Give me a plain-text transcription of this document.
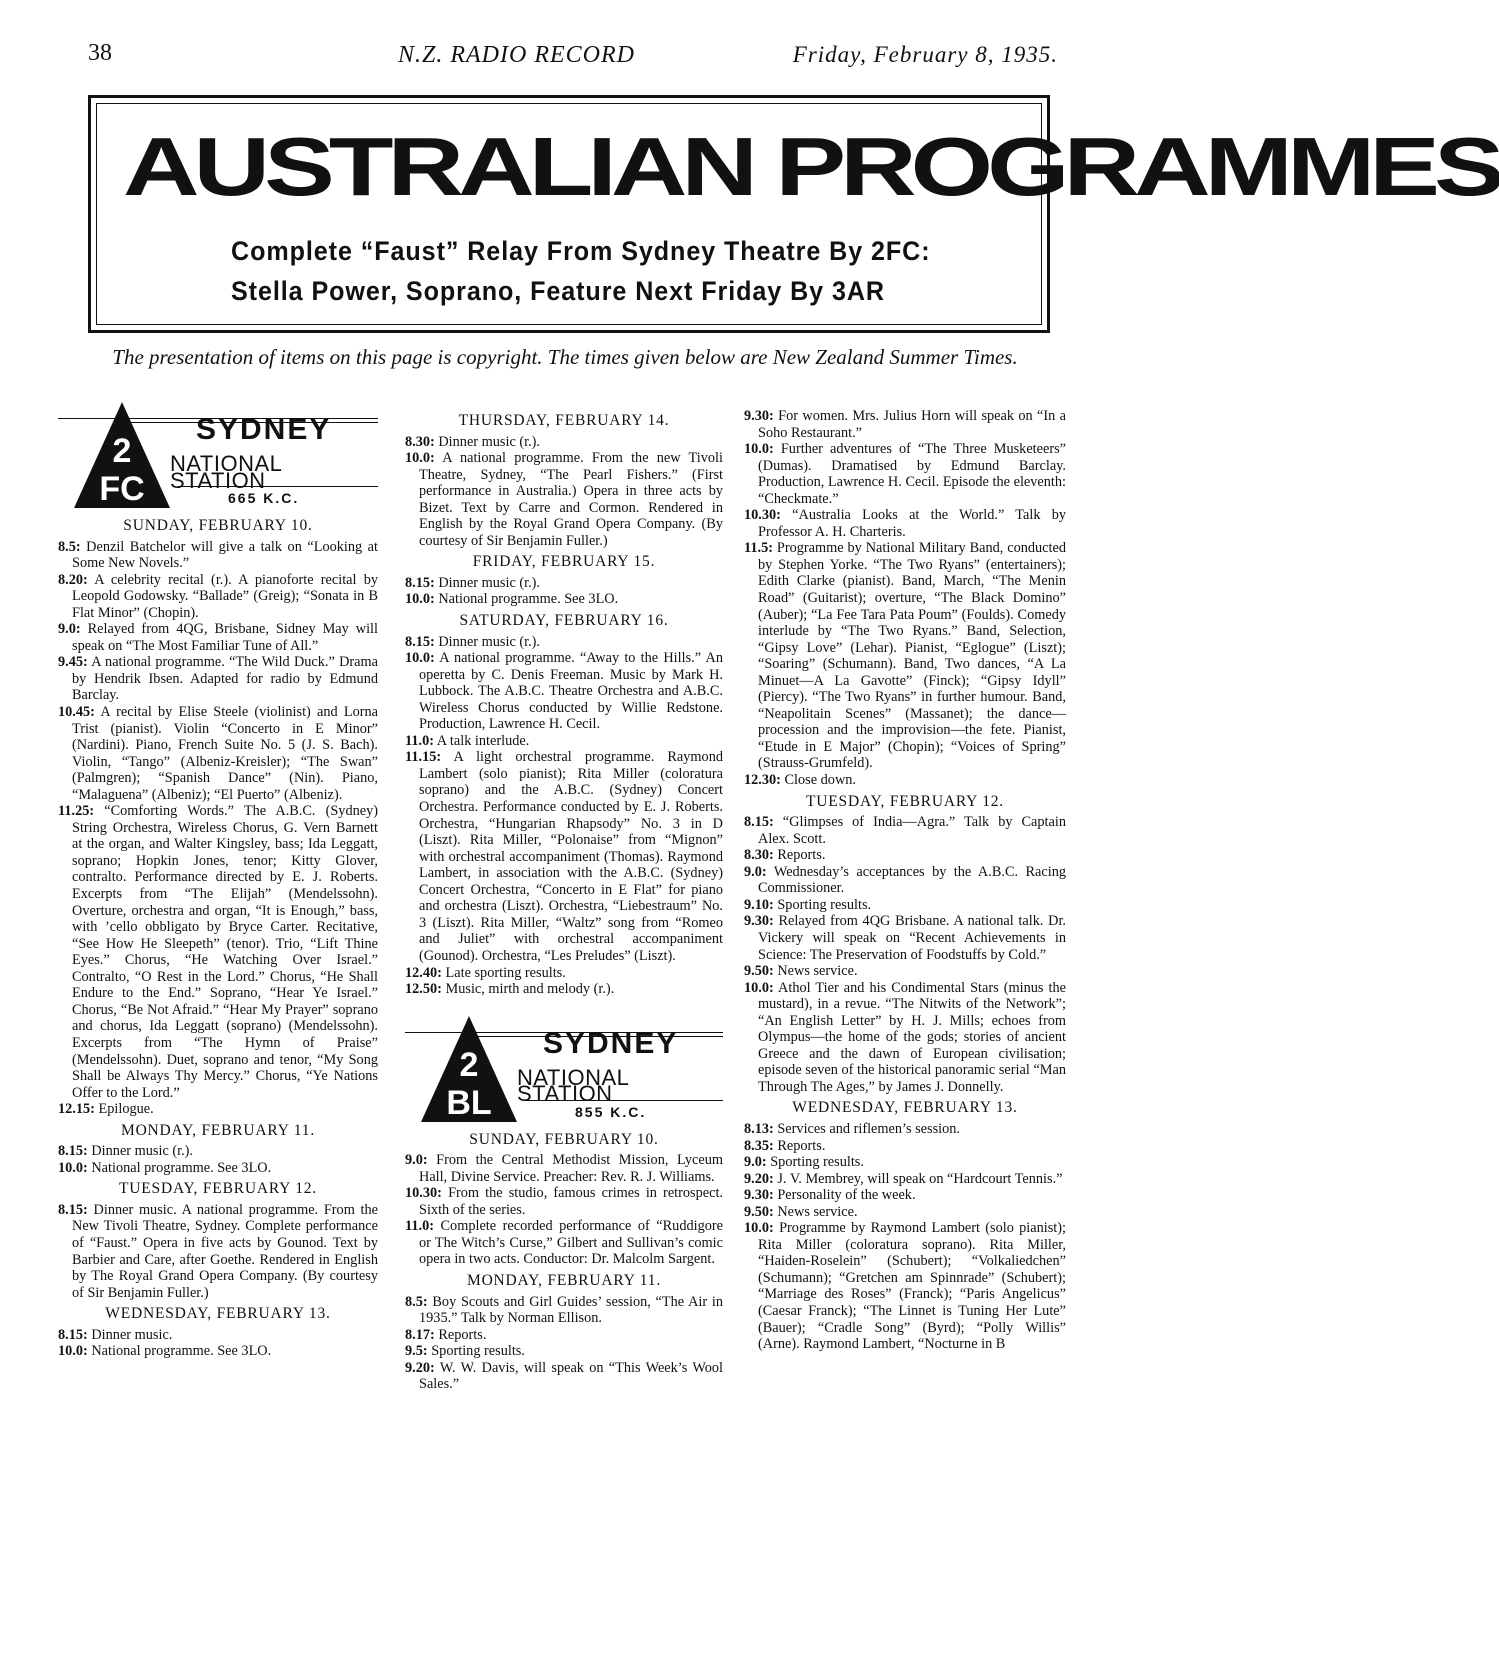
38	N.Z. RADIO RECORD	Friday, February 8, 1935.
AUSTRALIAN PROGRAMMES
Complete “Faust” Relay From Sydney Theatre By 2FC:
Stella Power, Soprano, Feature Next Friday By 3AR
The presentation of items on this page is copyright. The times given below are New Zealand Summer Times.
2
FC
SYDNEY
NATIONAL STATION
665 K.C.
SUNDAY, FEBRUARY 10.

8.5: Denzil Batchelor will give a talk on “Looking at Some New Novels.”

8.20: A celebrity recital (r.). A pianoforte recital by Leopold Godowsky. “Ballade” (Greig); “Sonata in B Flat Minor” (Chopin).

9.0: Relayed from 4QG, Brisbane, Sidney May will speak on “The Most Familiar Tune of All.”

9.45: A national programme. “The Wild Duck.” Drama by Hendrik Ibsen. Adapted for radio by Edmund Barclay.

10.45: A recital by Elise Steele (violinist) and Lorna Trist (pianist). Violin “Concerto in E Minor” (Nardini). Piano, French Suite No. 5 (J. S. Bach). Violin, “Tango” (Albeniz-Kreisler); “The Swan” (Palmgren); “Spanish Dance” (Nin). Piano, “Malaguena” (Albeniz); “El Puerto” (Albeniz).

11.25: “Comforting Words.” The A.B.C. (Sydney) String Orchestra, Wireless Chorus, G. Vern Barnett at the organ, and Walter Kingsley, bass; Ida Leggatt, soprano; Hopkin Jones, tenor; Kitty Glover, contralto. Performance directed by E. J. Roberts. Excerpts from “The Elijah” (Mendelssohn). Overture, orchestra and organ, “It is Enough,” bass, with ’cello obbligato by Bryce Carter. Recitative, “See How He Sleepeth” (tenor). Trio, “Lift Thine Eyes.” Chorus, “He Watching Over Israel.” Contralto, “O Rest in the Lord.” Chorus, “He Shall Endure to the End.” Soprano, “Hear Ye Israel.” Chorus, “Be Not Afraid.” “Hear My Prayer” soprano and chorus, Ida Leggatt (soprano) (Mendelssohn). Excerpts from “The Hymn of Praise” (Mendelssohn). Duet, soprano and tenor, “My Song Shall be Always Thy Mercy.” Chorus, “Ye Nations Offer to the Lord.”

12.15: Epilogue.

MONDAY, FEBRUARY 11.

8.15: Dinner music (r.).

10.0: National programme. See 3LO.

TUESDAY, FEBRUARY 12.

8.15: Dinner music. A national programme. From the New Tivoli Theatre, Sydney. Complete performance of “Faust.” Opera in five acts by Gounod. Text by Barbier and Care, after Goethe. Rendered in English by The Royal Grand Opera Company. (By courtesy of Sir Benjamin Fuller.)

WEDNESDAY, FEBRUARY 13.

8.15: Dinner music.

10.0: National programme. See 3LO.

THURSDAY, FEBRUARY 14.

8.30: Dinner music (r.).

10.0: A national programme. From the new Tivoli Theatre, Sydney, “The Pearl Fishers.” (First performance in Australia.) Opera in three acts by Bizet. Text by Carre and Cormon. Rendered in English by the Royal Grand Opera Company. (By courtesy of Sir Benjamin Fuller.)

FRIDAY, FEBRUARY 15.

8.15: Dinner music (r.).

10.0: National programme. See 3LO.

SATURDAY, FEBRUARY 16.

8.15: Dinner music (r.).

10.0: A national programme. “Away to the Hills.” An operetta by C. Denis Freeman. Music by Mark H. Lubbock. The A.B.C. Theatre Orchestra and A.B.C. Wireless Chorus conducted by Willie Redstone. Production, Lawrence H. Cecil.

11.0: A talk interlude.

11.15: A light orchestral programme. Raymond Lambert (solo pianist); Rita Miller (coloratura soprano) and the A.B.C. (Sydney) Concert Orchestra. Performance conducted by E. J. Roberts. Orchestra, “Hungarian Rhapsody” No. 3 in D (Liszt). Rita Miller, “Polonaise” from “Mignon” with orchestral accompaniment (Thomas). Raymond Lambert, in association with the A.B.C. (Sydney) Concert Orchestra, “Concerto in E Flat” for piano and orchestra (Liszt). Orchestra, “Liebestraum” No. 3 (Liszt). Rita Miller, “Waltz” song from “Romeo and Juliet” with orchestral accompaniment (Gounod). Orchestra, “Les Preludes” (Liszt).

12.40: Late sporting results.

12.50: Music, mirth and melody (r.).

2
BL
SYDNEY
NATIONAL STATION
855 K.C.
SUNDAY, FEBRUARY 10.

9.0: From the Central Methodist Mission, Lyceum Hall, Divine Service. Preacher: Rev. R. J. Williams.

10.30: From the studio, famous crimes in retrospect. Sixth of the series.

11.0: Complete recorded performance of “Ruddigore or The Witch’s Curse,” Gilbert and Sullivan’s comic opera in two acts. Conductor: Dr. Malcolm Sargent.

MONDAY, FEBRUARY 11.

8.5: Boy Scouts and Girl Guides’ session, “The Air in 1935.” Talk by Norman Ellison.

8.17: Reports.

9.5: Sporting results.

9.20: W. W. Davis, will speak on “This Week’s Wool Sales.”

9.30: For women. Mrs. Julius Horn will speak on “In a Soho Restaurant.”

10.0: Further adventures of “The Three Musketeers” (Dumas). Dramatised by Edmund Barclay. Production, Lawrence H. Cecil. Episode the eleventh: “Checkmate.”

10.30: “Australia Looks at the World.” Talk by Professor A. H. Charteris.

11.5: Programme by National Military Band, conducted by Stephen Yorke. “The Two Ryans” (entertainers); Edith Clarke (pianist). Band, March, “The Menin Road” (Guitarist); overture, “The Black Domino” (Auber); “La Fee Tara Pata Poum” (Foulds). Comedy interlude by “The Two Ryans.” Band, Selection, “Gipsy Love” (Lehar). Pianist, “Eglogue” (Liszt); “Soaring” (Schumann). Band, Two dances, “A La Minuet—A La Gavotte” (Finck); “Gipsy Idyll” (Piercy). “The Two Ryans” in further humour. Band, “Neapolitain Scenes” (Massanet); the dance—procession and the improvision—the fete. Pianist, “Etude in E Major” (Chopin); “Voices of Spring” (Strauss-Grumfeld).

12.30: Close down.

TUESDAY, FEBRUARY 12.

8.15: “Glimpses of India—Agra.” Talk by Captain Alex. Scott.

8.30: Reports.

9.0: Wednesday’s acceptances by the A.B.C. Racing Commissioner.

9.10: Sporting results.

9.30: Relayed from 4QG Brisbane. A national talk. Dr. Vickery will speak on “Recent Achievements in Science: The Preservation of Foodstuffs by Cold.”

9.50: News service.

10.0: Athol Tier and his Condimental Stars (minus the mustard), in a revue. “The Nitwits of the Network”; “An English Letter” by H. J. Mills; echoes from Olympus—the home of the gods; stories of ancient Greece and the dawn of European civilisation; episode seven of the historical panoramic serial “Man Through The Ages,” by James J. Donnelly.

WEDNESDAY, FEBRUARY 13.

8.13: Services and riflemen’s session.

8.35: Reports.

9.0: Sporting results.

9.20: J. V. Membrey, will speak on “Hardcourt Tennis.”

9.30: Personality of the week.

9.50: News service.

10.0: Programme by Raymond Lambert (solo pianist); Rita Miller (coloratura soprano). Rita Miller, “Haiden-Roselein” (Schubert); “Volkaliedchen” (Schumann); “Gretchen am Spinnrade” (Schubert); “Marriage des Roses” (Franck); “Paris Angelicus” (Caesar Franck); “The Linnet is Tuning Her Lute” (Bauer); “Cradle Song” (Byrd); “Polly Willis” (Arne). Raymond Lambert, “Nocturne in B
